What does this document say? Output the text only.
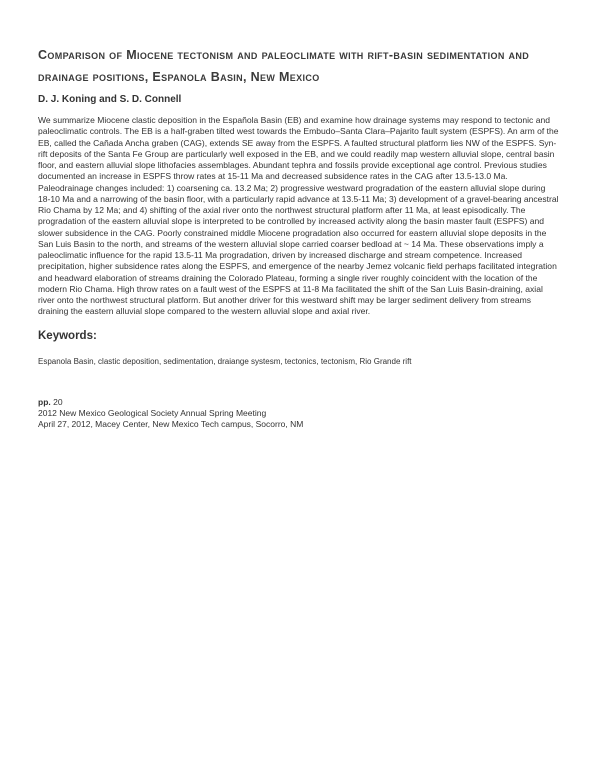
Comparison of Miocene tectonism and paleoclimate with rift-basin sedimentation and drainage positions, Espanola Basin, New Mexico
D. J. Koning and S. D. Connell

We summarize Miocene clastic deposition in the Española Basin (EB) and examine how drainage systems may respond to tectonic and paleoclimatic controls. The EB is a half-graben tilted west towards the Embudo–Santa Clara–Pajarito fault system (ESPFS). An arm of the EB, called the Cañada Ancha graben (CAG), extends SE away from the ESPFS. A faulted structural platform lies NW of the ESPFS. Syn-rift deposits of the Santa Fe Group are particularly well exposed in the EB, and we could readily map western alluvial slope, central basin floor, and eastern alluvial slope lithofacies assemblages. Abundant tephra and fossils provide exceptional age control. Previous studies documented an increase in ESPFS throw rates at 15-11 Ma and decreased subsidence rates in the CAG after 13.5-13.0 Ma. Paleodrainage changes included: 1) coarsening ca. 13.2 Ma; 2) progressive westward progradation of the eastern alluvial slope during 18-10 Ma and a narrowing of the basin floor, with a particularly rapid advance at 13.5-11 Ma; 3) development of a gravel-bearing ancestral Rio Chama by 12 Ma; and 4) shifting of the axial river onto the northwest structural platform after 11 Ma, at least episodically. The progradation of the eastern alluvial slope is interpreted to be controlled by increased activity along the basin master fault (ESPFS) and slower subsidence in the CAG. Poorly constrained middle Miocene progradation also occurred for eastern alluvial slope deposits in the San Luis Basin to the north, and streams of the western alluvial slope carried coarser bedload at ~ 14 Ma. These observations imply a paleoclimatic influence for the rapid 13.5-11 Ma progradation, driven by increased discharge and stream competence. Increased precipitation, higher subsidence rates along the ESPFS, and emergence of the nearby Jemez volcanic field perhaps facilitated integration and headward elaboration of streams draining the Colorado Plateau, forming a single river roughly coincident with the location of the modern Rio Chama. High throw rates on a fault west of the ESPFS at 11-8 Ma facilitated the shift of the San Luis Basin-draining, axial river onto the northwest structural platform. But another driver for this westward shift may be larger sediment delivery from streams draining the eastern alluvial slope compared to the western alluvial slope and axial river.

Keywords:

Espanola Basin, clastic deposition, sedimentation, draiange systesm, tectonics, tectonism, Rio Grande rift

pp. 20

2012 New Mexico Geological Society Annual Spring Meeting

April 27, 2012, Macey Center, New Mexico Tech campus, Socorro, NM
